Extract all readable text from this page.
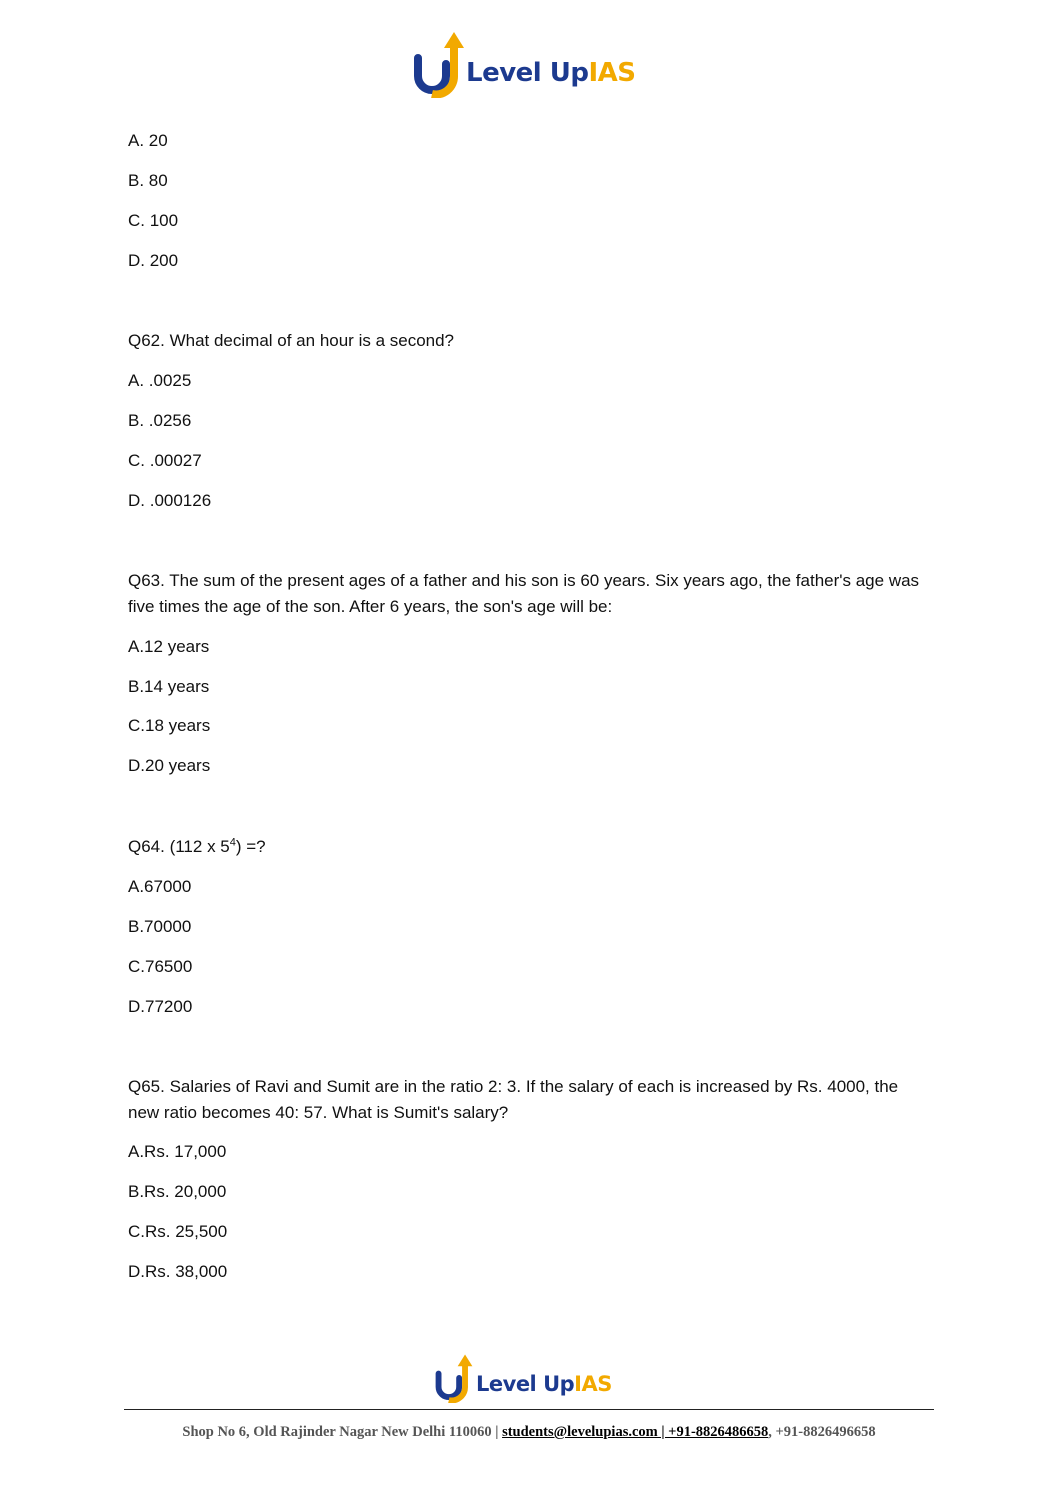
Level UpIAS
A. 20
B. 80
C. 100
D. 200
Q62. What decimal of an hour is a second?
A. .0025
B. .0256
C. .00027
D. .000126
Q63. The sum of the present ages of a father and his son is 60 years. Six years ago, the father's age was five times the age of the son. After 6 years, the son's age will be:
A.12 years
B.14 years
C.18 years
D.20 years
Q64. (112 x $5^4$) =?
A.67000
B.70000
C.76500
D.77200
Q65. Salaries of Ravi and Sumit are in the ratio 2: 3. If the salary of each is increased by Rs. 4000, the new ratio becomes 40: 57. What is Sumit's salary?
A.Rs. 17,000
B.Rs. 20,000
C.Rs. 25,500
D.Rs. 38,000
Level UpIAS
Shop No 6, Old Rajinder Nagar New Delhi 110060 | students@levelupias.com | +91-8826486658, +91-8826496658
